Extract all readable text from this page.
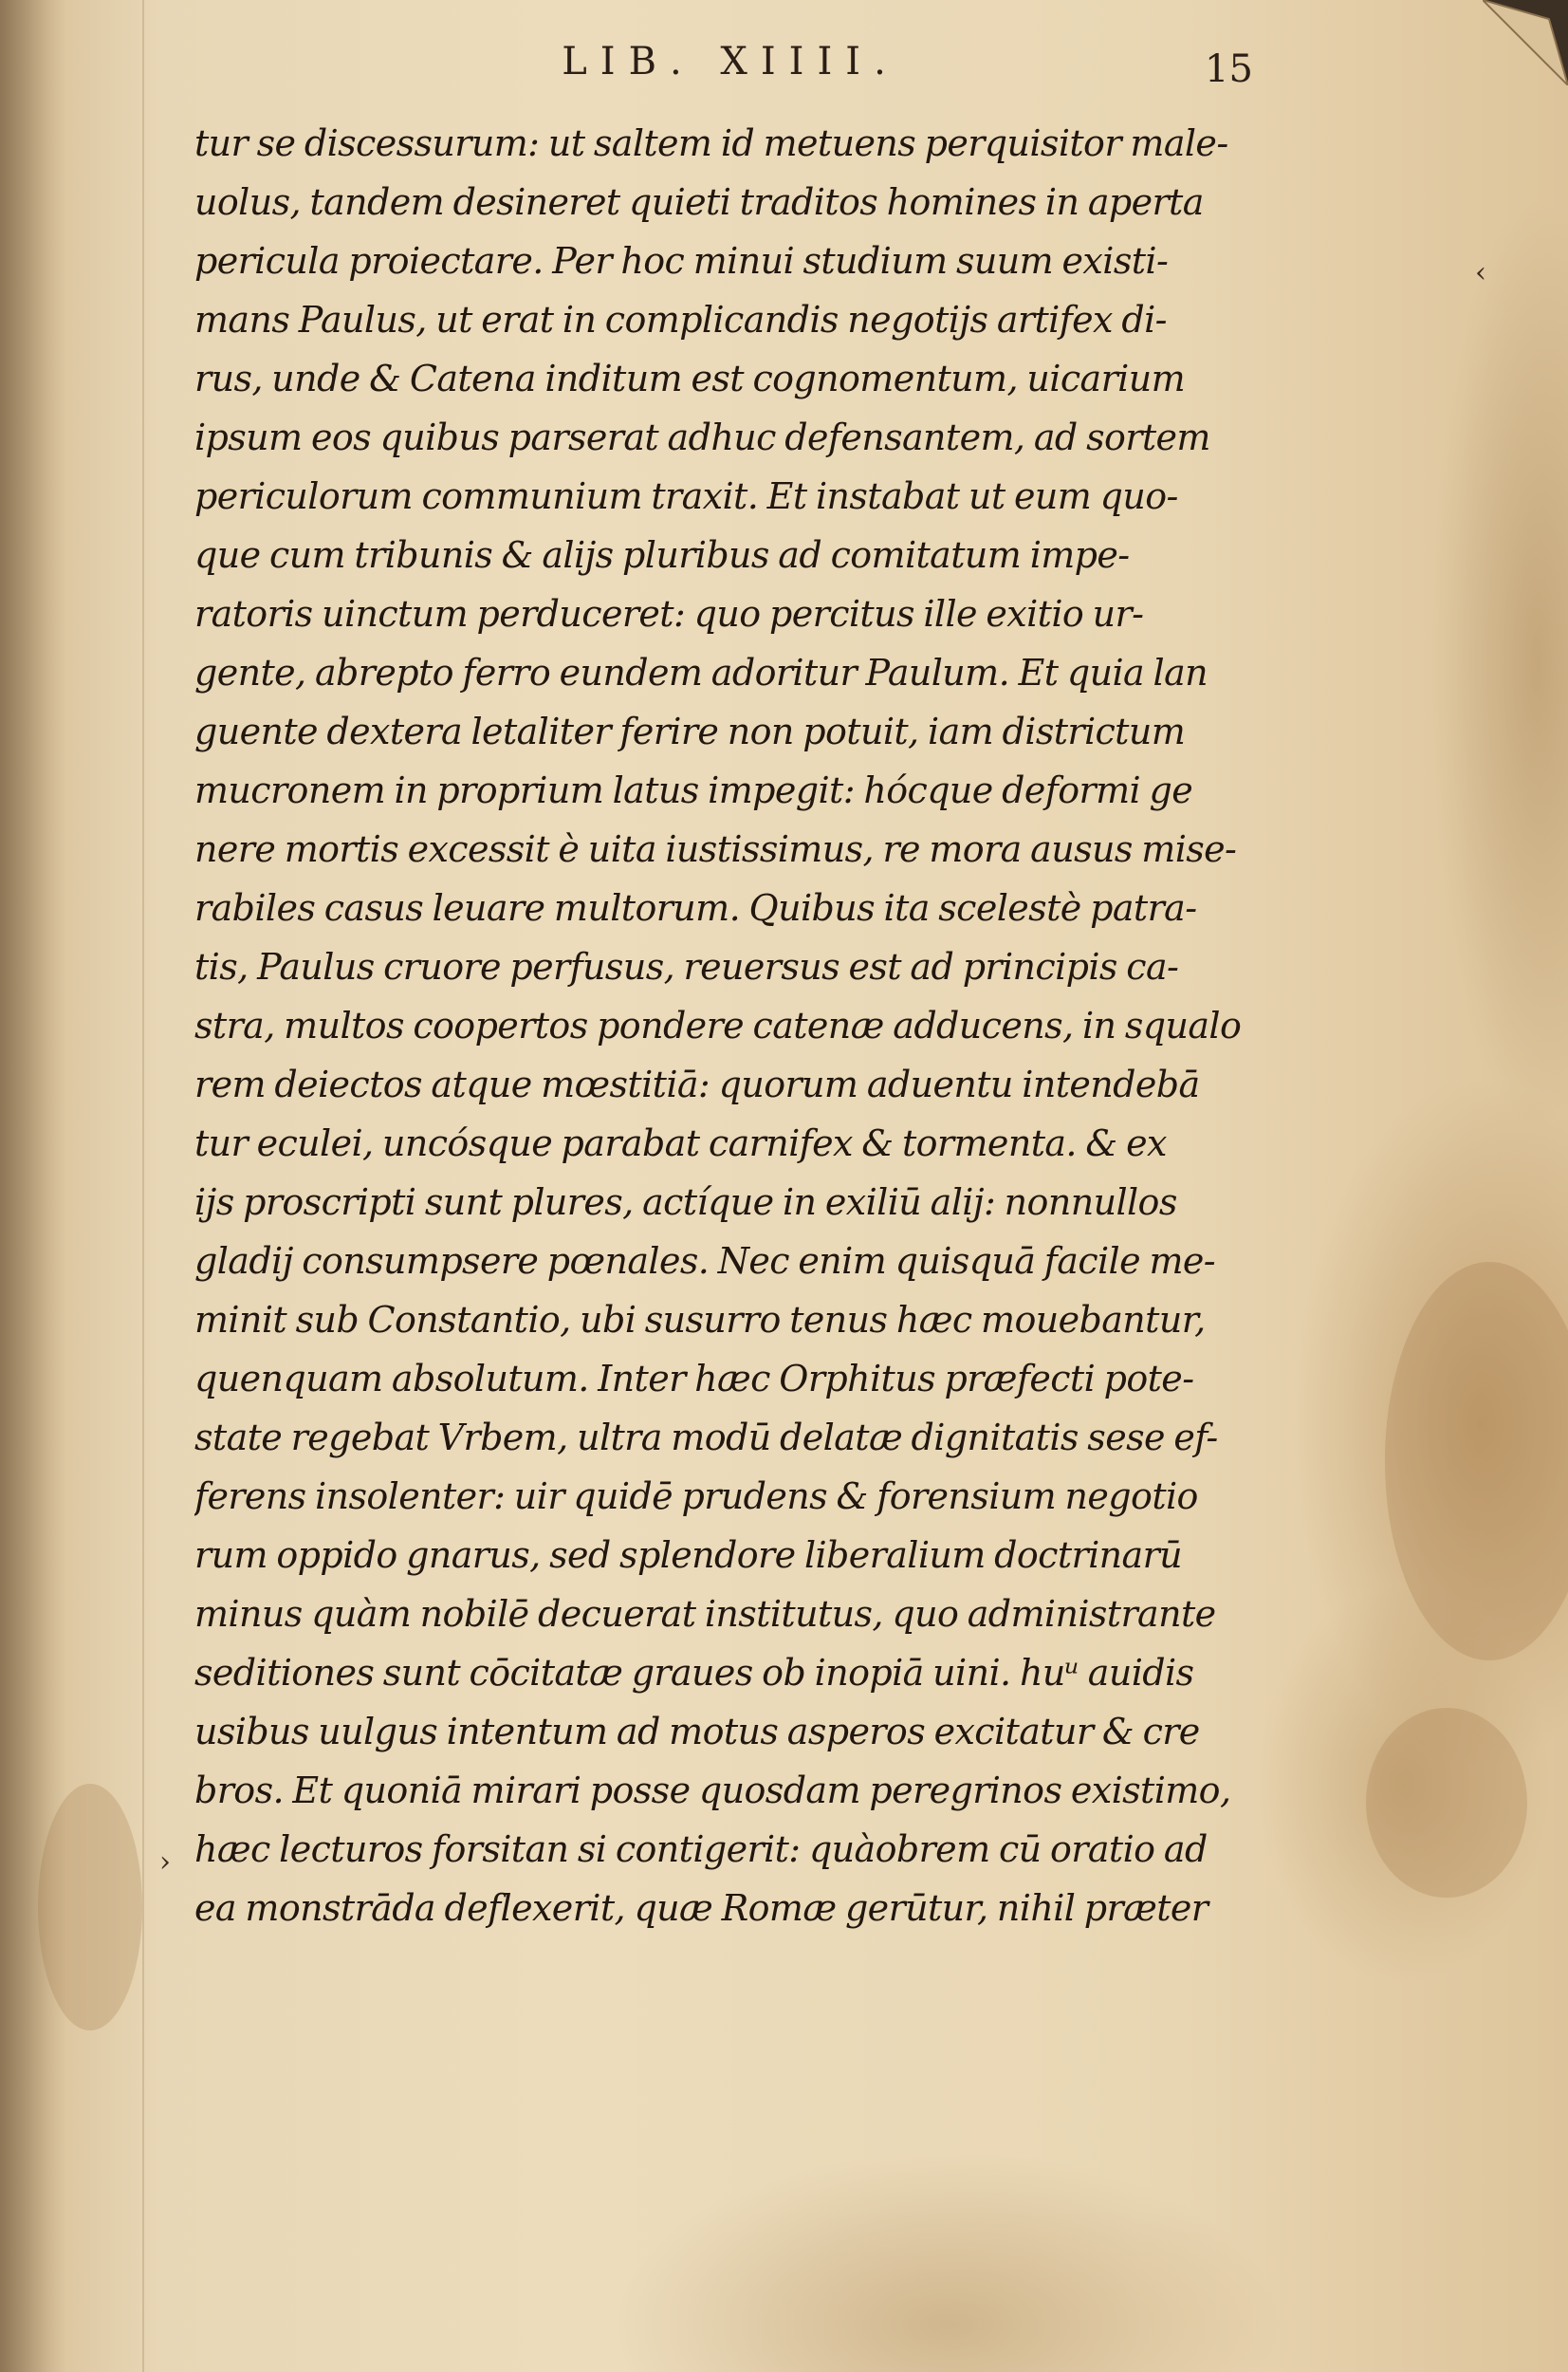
LIB. XIIII.	15
›
‹
tur se discessurum: ut saltem id metuens perquisitor male-
uolus, tandem desineret quieti traditos homines in aperta
pericula proiectare. Per hoc minui studium suum existi-
mans Paulus, ut erat in complicandis negotijs artifex di-
rus, unde & Catena inditum est cognomentum, uicarium
ipsum eos quibus parserat adhuc defensantem, ad sortem
periculorum communium traxit. Et instabat ut eum quo-
que cum tribunis & alijs pluribus ad comitatum impe-
ratoris uinctum perduceret: quo percitus ille exitio ur-
gente, abrepto ferro eundem adoritur Paulum. Et quia lan
guente dextera letaliter ferire non potuit, iam districtum
mucronem in proprium latus impegit: hócque deformi ge
nere mortis excessit è uita iustissimus, re mora ausus mise-
rabiles casus leuare multorum. Quibus ita scelestè patra-
tis, Paulus cruore perfusus, reuersus est ad principis ca-
stra, multos coopertos pondere catenæ adducens, in squalo
rem deiectos atque mœstitiā: quorum aduentu intendebā
tur eculei, uncósque parabat carnifex & tormenta. & ex
ijs proscripti sunt plures, actíque in exiliū alij: nonnullos
gladij consumpsere pœnales. Nec enim quisquā facile me-
minit sub Constantio, ubi susurro tenus hæc mouebantur,
quenquam absolutum. Inter hæc Orphitus præfecti pote-
state regebat Vrbem, ultra modū delatæ dignitatis sese ef-
ferens insolenter: uir quidē prudens & forensium negotio
rum oppido gnarus, sed splendore liberalium doctrinarū
minus quàm nobilē decuerat institutus, quo administrante
seditiones sunt cōcitatæ graues ob inopiā uini. huᵘ auidis
usibus uulgus intentum ad motus asperos excitatur & cre
bros. Et quoniā mirari posse quosdam peregrinos existimo,
hæc lecturos forsitan si contigerit: quàobrem cū oratio ad
ea monstrāda deflexerit, quæ Romæ gerūtur, nihil præter
